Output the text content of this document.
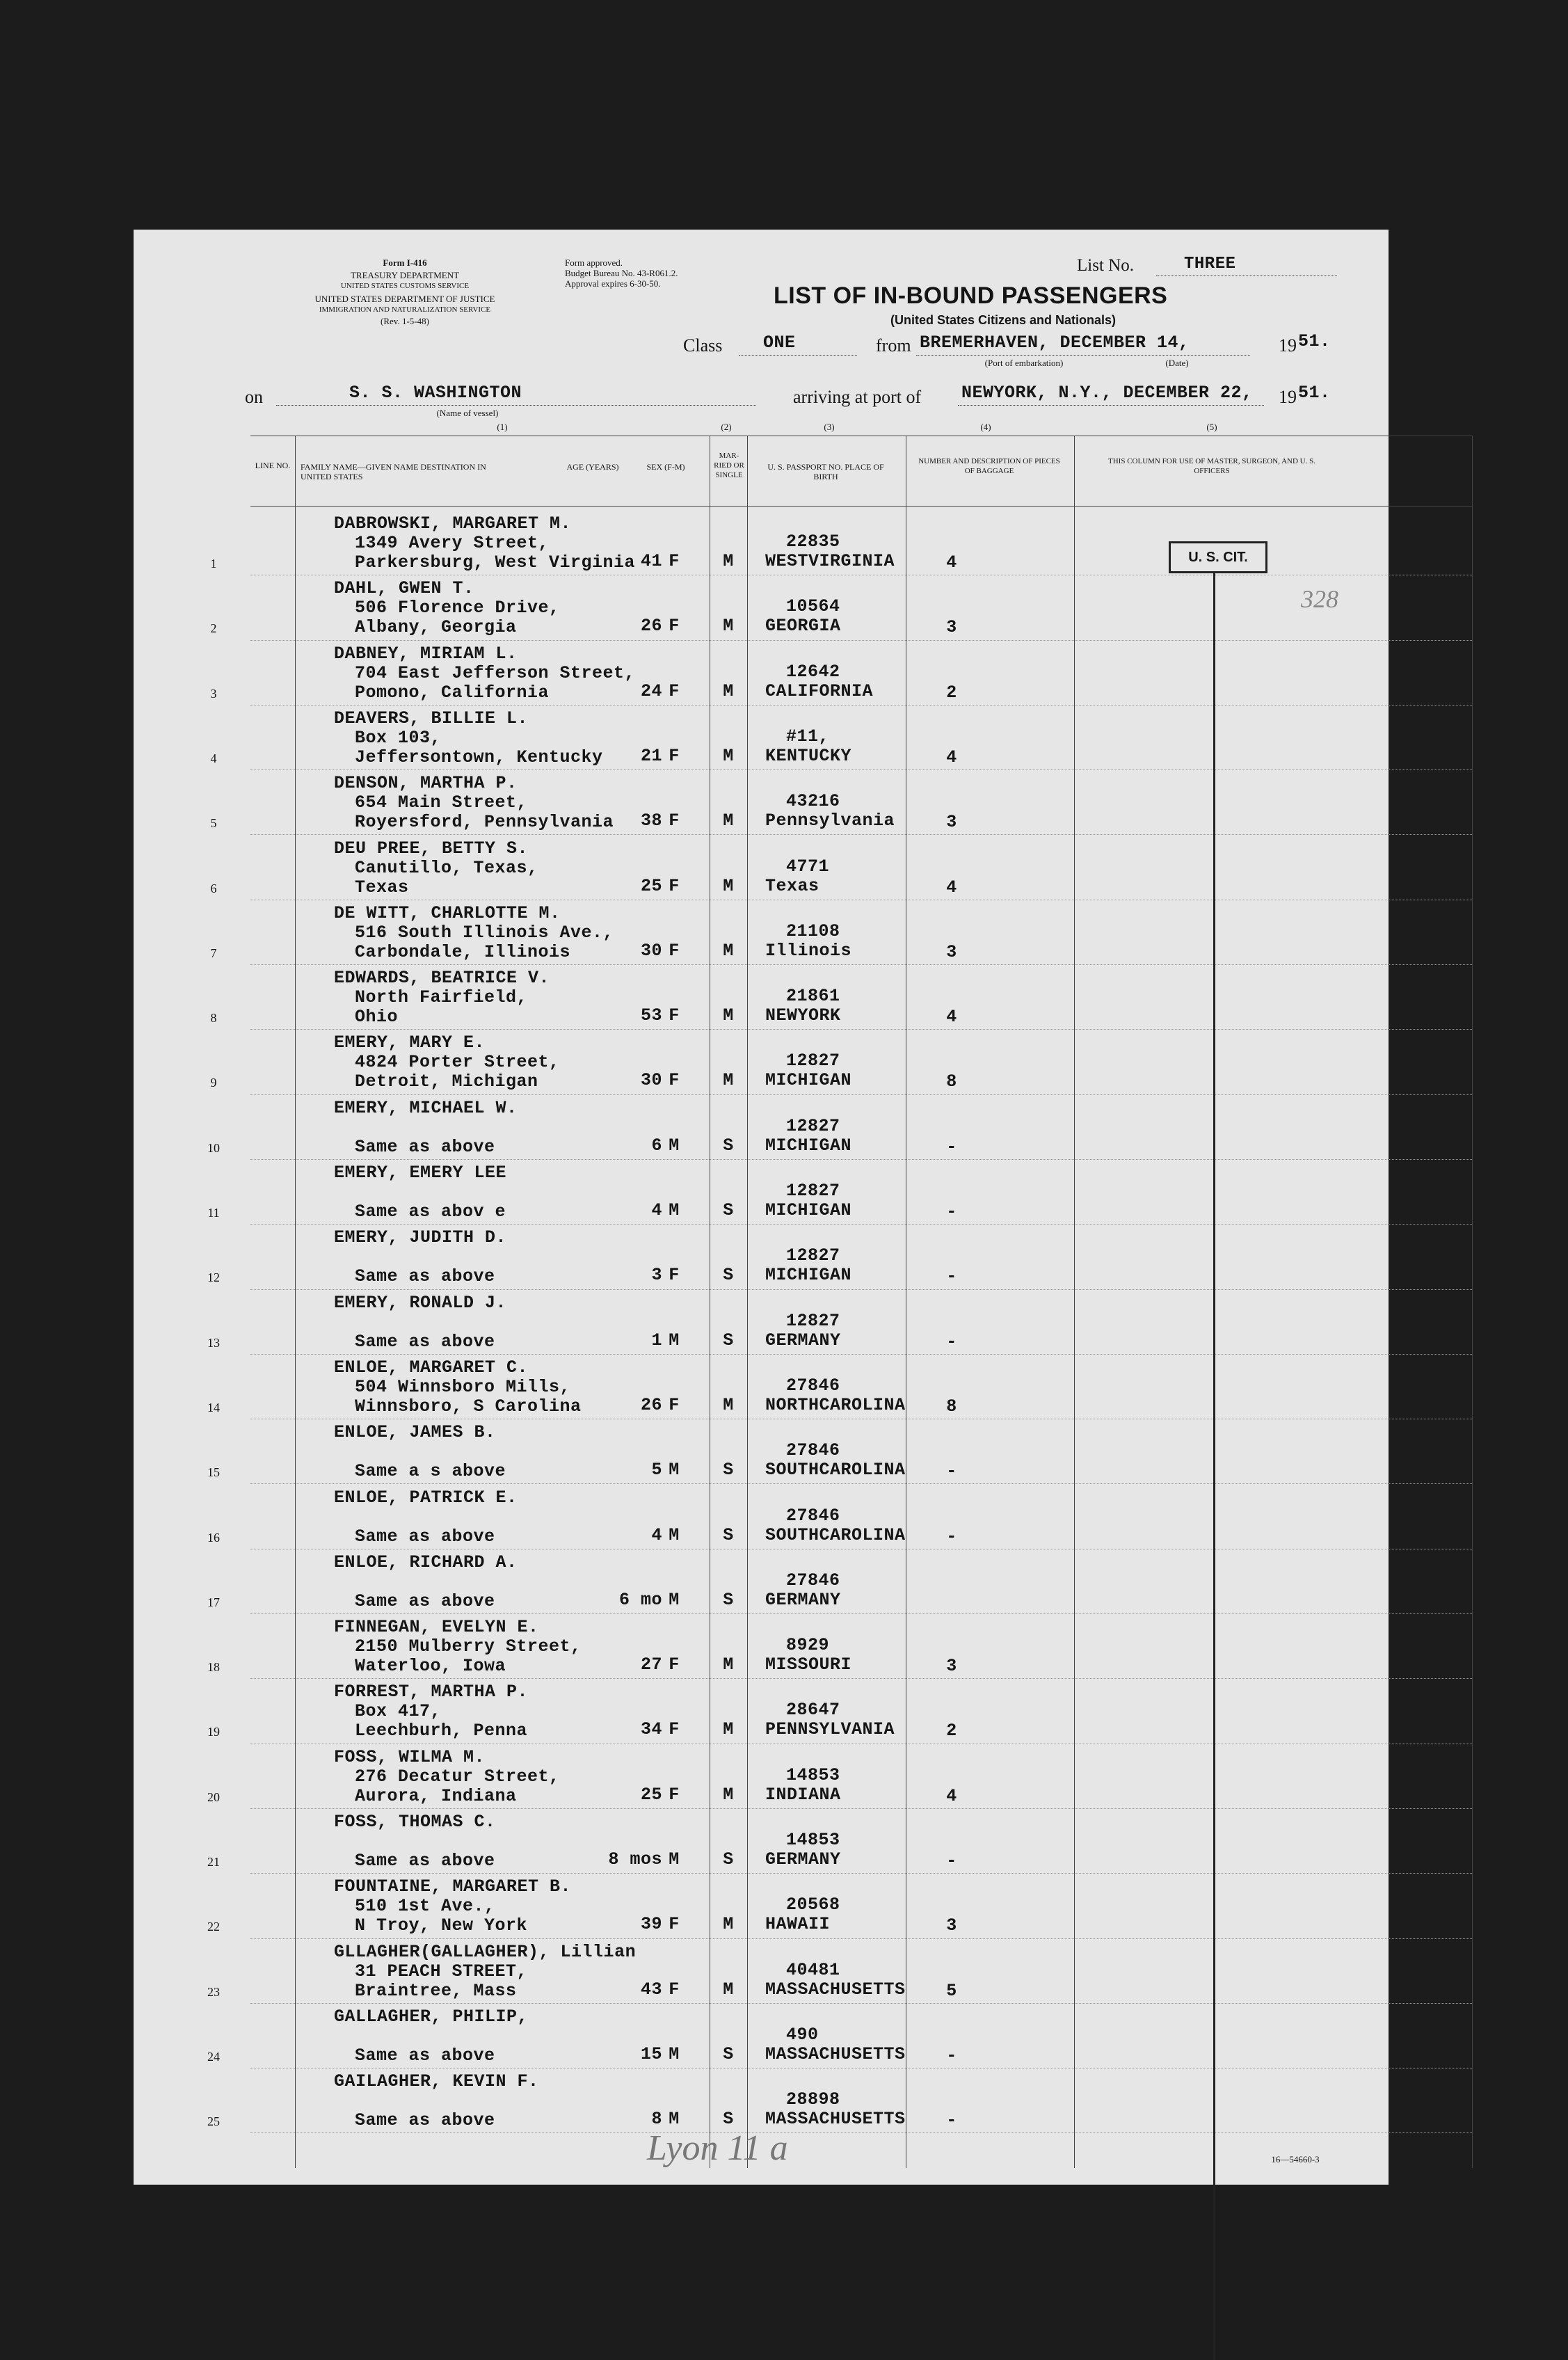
Form I-416
TREASURY DEPARTMENT
UNITED STATES CUSTOMS SERVICE
UNITED STATES DEPARTMENT OF JUSTICE
IMMIGRATION AND NATURALIZATION SERVICE
(Rev. 1-5-48)
Form approved.
Budget Bureau No. 43-R061.2.
Approval expires 6-30-50.
List No.	THREE
LIST OF IN-BOUND PASSENGERS
(United States Citizens and Nationals)
Class ONE	from BREMERHAVEN, DECEMBER 14,
(Port of embarkation)	(Date)
19 51.
on	S. S. WASHINGTON
(Name of vessel)
arriving at port of NEWYORK, N.Y., DECEMBER 22, 19 51.
(1)	(2)	(3)	(4)	(5)
LINE NO. FAMILY NAME—GIVEN NAME DESTINATION IN UNITED STATES
AGE (YEARS)	SEX (F-M)
MAR-RIED OR SINGLE
U. S. PASSPORT NO. PLACE OF BIRTH
NUMBER AND DESCRIPTION OF PIECES OF BAGGAGE
THIS COLUMN FOR USE OF MASTER, SURGEON, AND U. S. OFFICERS
1
DABROWSKI, MARGARET M.
1349 Avery Street,
Parkersburg, West Virginia 41 F M
22835
WESTVIRGINIA	4
2
DAHL, GWEN T.
506 Florence Drive,
Albany, Georgia	26 F M
10564
GEORGIA	3
3
DABNEY, MIRIAM L.
704 East Jefferson Street,
Pomono, California	24 F M
12642
CALIFORNIA	2
4
DEAVERS, BILLIE L.
Box 103,
Jeffersontown, Kentucky	21 F M
#11,
KENTUCKY	4
5
DENSON, MARTHA P.
654 Main Street,
Royersford, Pennsylvania	38 F M
43216
Pennsylvania	3
6
DEU PREE, BETTY S.
Canutillo, Texas,
Texas	25 F M
4771
Texas	4
7
DE WITT, CHARLOTTE M.
516 South Illinois Ave.,
Carbondale, Illinois	30 F M
21108
Illinois	3
8
EDWARDS, BEATRICE V.
North Fairfield,
Ohio	53 F M
21861
NEWYORK	4
9
EMERY, MARY E.
4824 Porter Street,
Detroit, Michigan	30 F M
12827
MICHIGAN	8
10
EMERY, MICHAEL W.
Same as above	6 M S
12827
MICHIGAN	-
11
EMERY, EMERY LEE
Same as abov e	4 M S
12827
MICHIGAN	-
12
EMERY, JUDITH D.
Same as above	3 F S
12827
MICHIGAN	-
13
EMERY, RONALD J.
Same as above	1 M S
12827
GERMANY	-
14
ENLOE, MARGARET C.
504 Winnsboro Mills,
Winnsboro, S Carolina	26 F M
27846
NORTHCAROLINA	8
15
ENLOE, JAMES B.
Same a s above	5 M S
27846
SOUTHCAROLINA	-
16
ENLOE, PATRICK E.
Same as above	4 M S
27846
SOUTHCAROLINA	-
17
ENLOE, RICHARD A.
Same as above	6 mo M S
27846
GERMANY
18
FINNEGAN, EVELYN E.
2150 Mulberry Street,
Waterloo, Iowa	27 F M
8929
MISSOURI	3
19
FORREST, MARTHA P.
Box 417,
Leechburh, Penna	34 F M
28647
PENNSYLVANIA	2
20
FOSS, WILMA M.
276 Decatur Street,
Aurora, Indiana	25 F M
14853
INDIANA	4
21
FOSS, THOMAS C.
Same as above	8 mos M S
14853
GERMANY	-
22
FOUNTAINE, MARGARET B.
510 1st Ave.,
N Troy, New York	39 F M
20568
HAWAII	3
23
GLLAGHER(GALLAGHER), Lillian
31 PEACH STREET,
Braintree, Mass	43 F M
40481
MASSACHUSETTS	5
24
GALLAGHER, PHILIP,
Same as above	15 M S
490
MASSACHUSETTS	-
25
GAILAGHER, KEVIN F.
Same as above	8 M S
28898
MASSACHUSETTS	-
U. S. CIT.
328
Lyon 11 a	16—54660-3
